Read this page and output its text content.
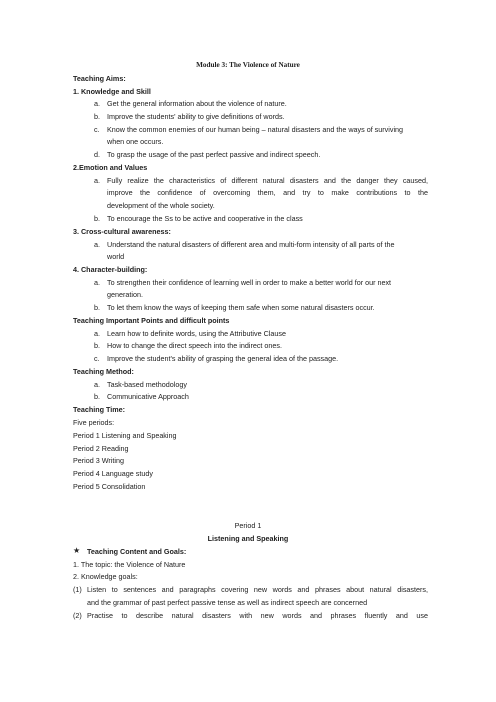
Module 3: The Violence of Nature
Teaching Aims:
1. Knowledge and Skill
a. Get the general information about the violence of nature.
b. Improve the students' ability to give definitions of words.
c. Know the common enemies of our human being – natural disasters and the ways of surviving
when one occurs.
d. To grasp the usage of the past perfect passive and indirect speech.
2.Emotion and Values
a. Fully realize the characteristics of different natural disasters and the danger they caused,
improve the confidence of overcoming them, and try to make contributions to the
development of the whole society.
b. To encourage the Ss to be active and cooperative in the class
3. Cross-cultural awareness:
a. Understand the natural disasters of different area and multi-form intensity of all parts of the
world
4. Character-building:
a. To strengthen their confidence of learning well in order to make a better world for our next
generation.
b. To let them know the ways of keeping them safe when some natural disasters occur.
Teaching Important Points and difficult points
a. Learn how to definite words, using the Attributive Clause
b. How to change the direct speech into the indirect ones.
c. Improve the student's ability of grasping the general idea of the passage.
Teaching Method:
a. Task-based methodology
b. Communicative Approach
Teaching Time:
Five periods:
Period 1 Listening and Speaking
Period 2 Reading
Period 3 Writing
Period 4 Language study
Period 5 Consolidation
Period 1
Listening and Speaking
★ Teaching Content and Goals:
1. The topic: the Violence of Nature
2. Knowledge goals:
(1) Listen to sentences and paragraphs covering new words and phrases about natural disasters,
and the grammar of past perfect passive tense as well as indirect speech are concerned
(2) Practise to describe natural disasters with new words and phrases fluently and use
